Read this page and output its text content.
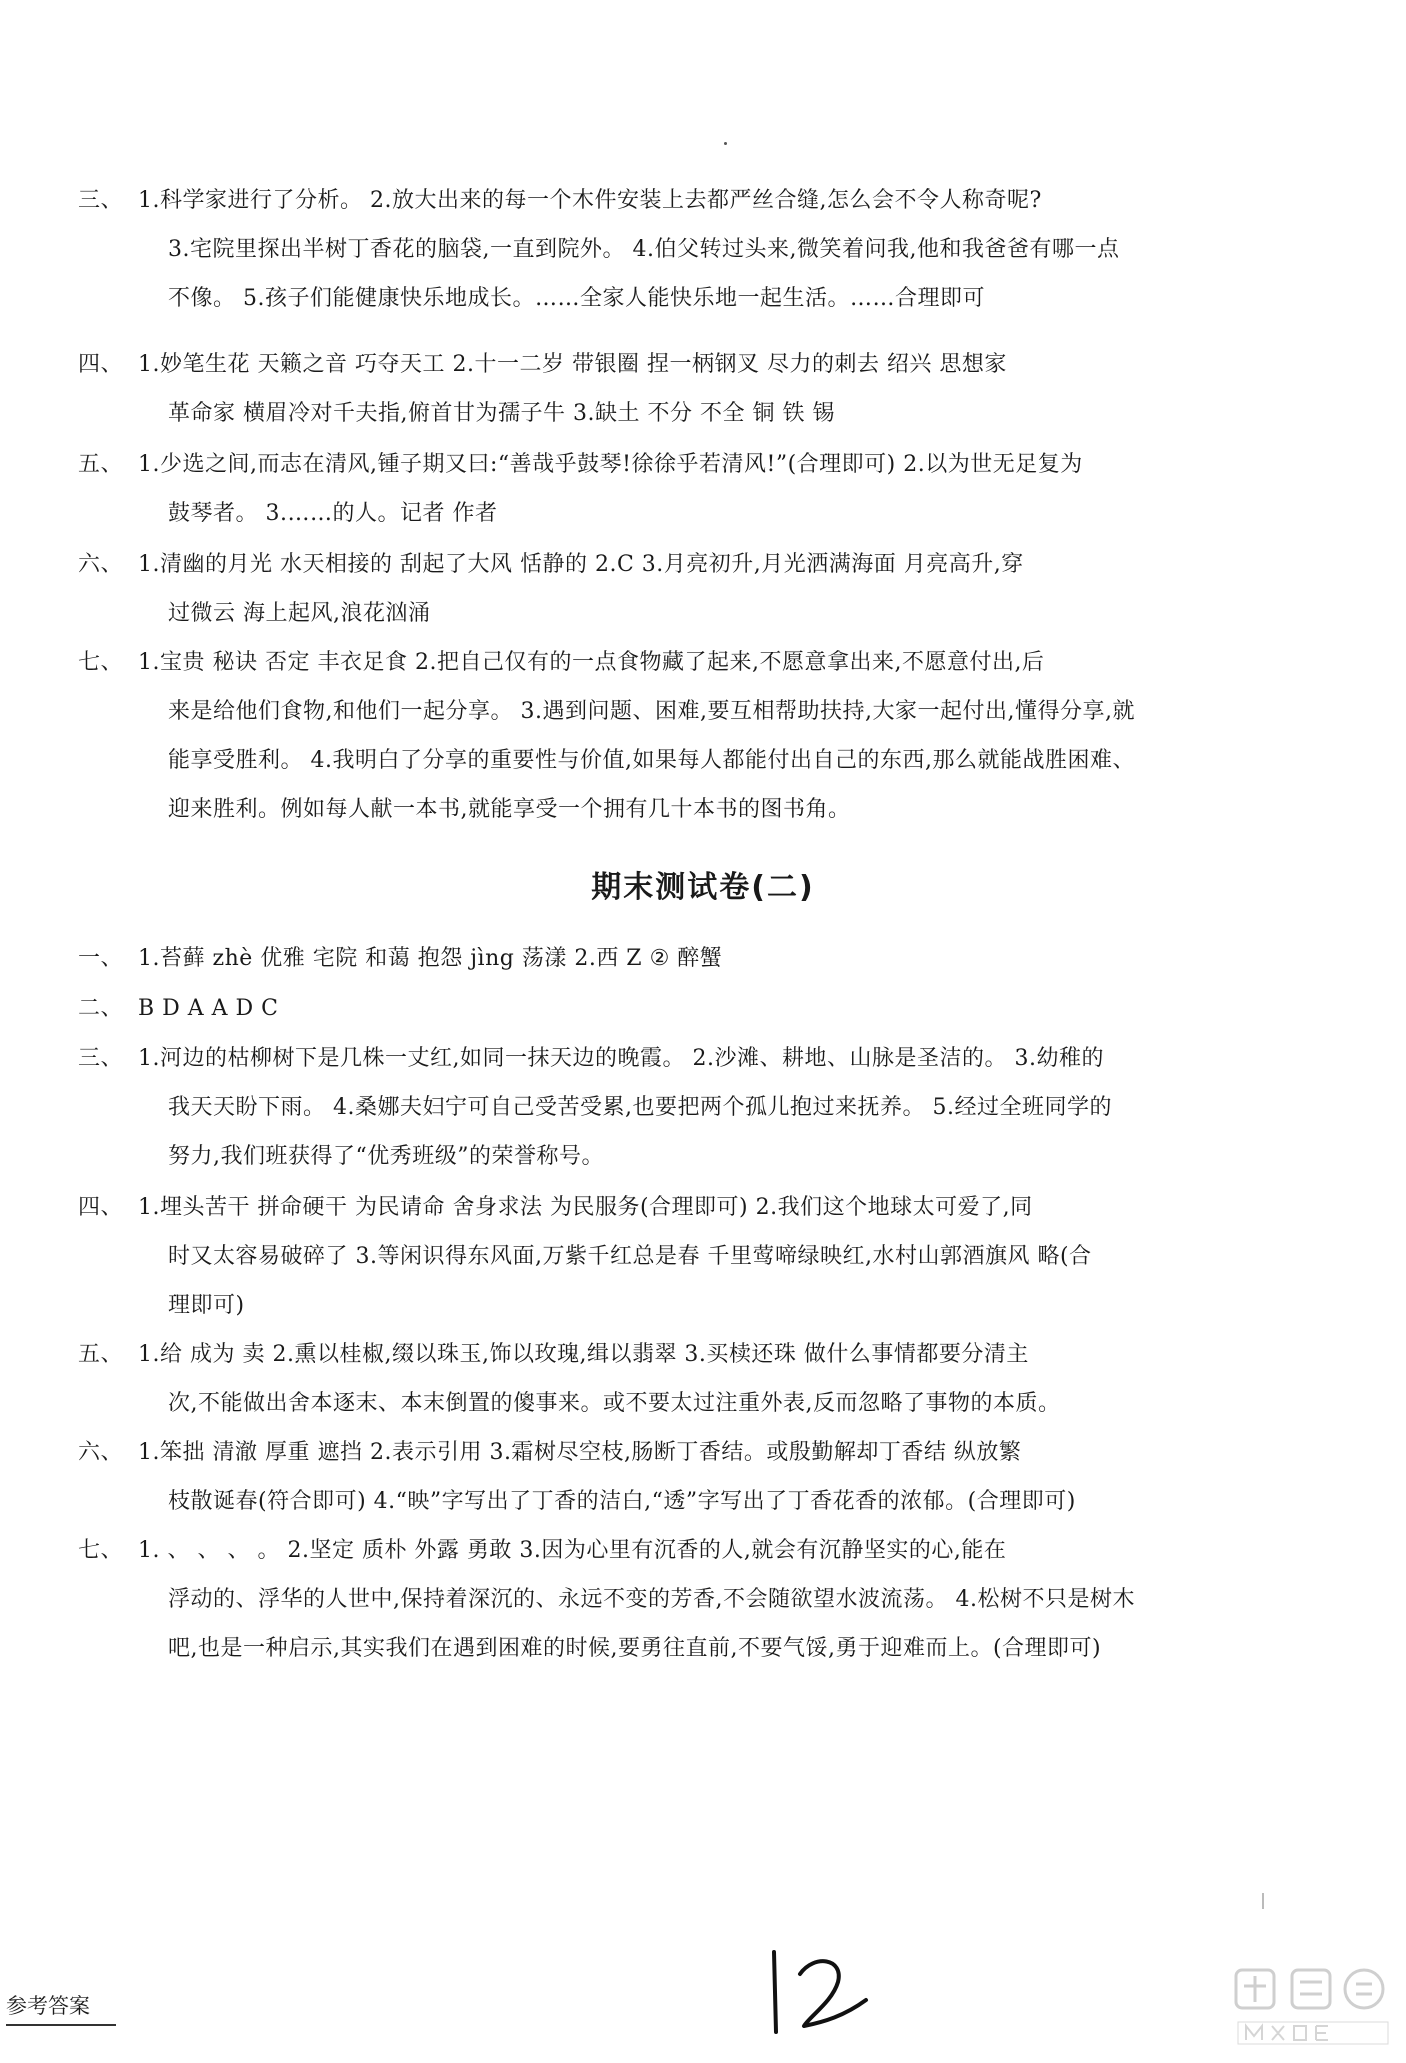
三、 1.科学家进行了分析。 2.放大出来的每一个木件安装上去都严丝合缝,怎么会不令人称奇呢?
3.宅院里探出半树丁香花的脑袋,一直到院外。 4.伯父转过头来,微笑着问我,他和我爸爸有哪一点
不像。 5.孩子们能健康快乐地成长。……全家人能快乐地一起生活。……合理即可
四、 1.妙笔生花 天籁之音 巧夺天工 2.十一二岁 带银圈 捏一柄钢叉 尽力的刺去 绍兴 思想家
革命家 横眉冷对千夫指,俯首甘为孺子牛 3.缺土 不分 不全 铜 铁 锡
五、 1.少选之间,而志在清风,锺子期又曰:“善哉乎鼓琴!徐徐乎若清风!”(合理即可) 2.以为世无足复为
鼓琴者。 3.……的人。记者 作者
六、 1.清幽的月光 水天相接的 刮起了大风 恬静的 2.C 3.月亮初升,月光洒满海面 月亮高升,穿
过微云 海上起风,浪花汹涌
七、 1.宝贵 秘诀 否定 丰衣足食 2.把自己仅有的一点食物藏了起来,不愿意拿出来,不愿意付出,后
来是给他们食物,和他们一起分享。 3.遇到问题、困难,要互相帮助扶持,大家一起付出,懂得分享,就
能享受胜利。 4.我明白了分享的重要性与价值,如果每人都能付出自己的东西,那么就能战胜困难、
迎来胜利。例如每人献一本书,就能享受一个拥有几十本书的图书角。
期末测试卷(二)
一、 1.苔藓 zhè 优雅 宅院 和蔼 抱怨 jìng 荡漾 2.西 Z ② 醉蟹
二、 B D A A D C
三、 1.河边的枯柳树下是几株一丈红,如同一抹天边的晚霞。 2.沙滩、耕地、山脉是圣洁的。 3.幼稚的
我天天盼下雨。 4.桑娜夫妇宁可自己受苦受累,也要把两个孤儿抱过来抚养。 5.经过全班同学的
努力,我们班获得了“优秀班级”的荣誉称号。
四、 1.埋头苦干 拼命硬干 为民请命 舍身求法 为民服务(合理即可) 2.我们这个地球太可爱了,同
时又太容易破碎了 3.等闲识得东风面,万紫千红总是春 千里莺啼绿映红,水村山郭酒旗风 略(合
理即可)
五、 1.给 成为 卖 2.熏以桂椒,缀以珠玉,饰以玫瑰,缉以翡翠 3.买椟还珠 做什么事情都要分清主
次,不能做出舍本逐末、本末倒置的傻事来。或不要太过注重外表,反而忽略了事物的本质。
六、 1.笨拙 清澈 厚重 遮挡 2.表示引用 3.霜树尽空枝,肠断丁香结。或殷勤解却丁香结 纵放繁
枝散诞春(符合即可) 4.“映”字写出了丁香的洁白,“透”字写出了丁香花香的浓郁。(合理即可)
七、 1. 、 、 、 。 2.坚定 质朴 外露 勇敢 3.因为心里有沉香的人,就会有沉静坚实的心,能在
浮动的、浮华的人世中,保持着深沉的、永远不变的芳香,不会随欲望水波流荡。 4.松树不只是树木
吧,也是一种启示,其实我们在遇到困难的时候,要勇往直前,不要气馁,勇于迎难而上。(合理即可)
参考答案
